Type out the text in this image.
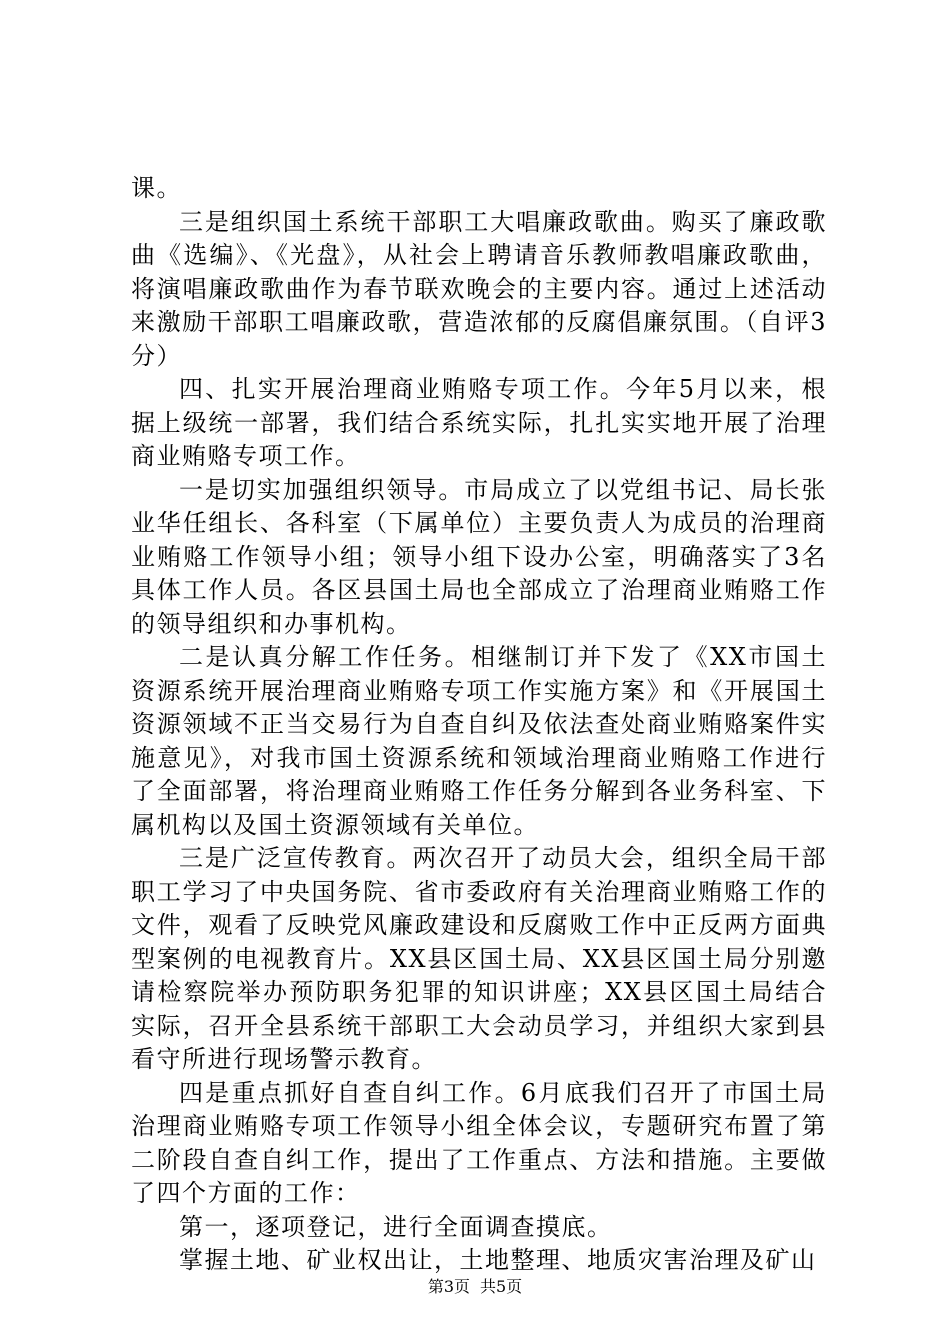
课。

三是组织国土系统干部职工大唱廉政歌曲。购买了廉政歌曲《选编》、《光盘》，从社会上聘请音乐教师教唱廉政歌曲，将演唱廉政歌曲作为春节联欢晚会的主要内容。通过上述活动来激励干部职工唱廉政歌，营造浓郁的反腐倡廉氛围。（自评3分）

四、扎实开展治理商业贿赂专项工作。今年5月以来，根据上级统一部署，我们结合系统实际，扎扎实实地开展了治理商业贿赂专项工作。

一是切实加强组织领导。市局成立了以党组书记、局长张业华任组长、各科室（下属单位）主要负责人为成员的治理商业贿赂工作领导小组；领导小组下设办公室，明确落实了3名具体工作人员。各区县国土局也全部成立了治理商业贿赂工作的领导组织和办事机构。

二是认真分解工作任务。相继制订并下发了《XX市国土资源系统开展治理商业贿赂专项工作实施方案》和《开展国土资源领域不正当交易行为自查自纠及依法查处商业贿赂案件实施意见》，对我市国土资源系统和领域治理商业贿赂工作进行了全面部署，将治理商业贿赂工作任务分解到各业务科室、下属机构以及国土资源领域有关单位。

三是广泛宣传教育。两次召开了动员大会，组织全局干部职工学习了中央国务院、省市委政府有关治理商业贿赂工作的文件，观看了反映党风廉政建设和反腐败工作中正反两方面典型案例的电视教育片。XX县区国土局、XX县区国土局分别邀请检察院举办预防职务犯罪的知识讲座；XX县区国土局结合实际，召开全县系统干部职工大会动员学习，并组织大家到县看守所进行现场警示教育。

四是重点抓好自查自纠工作。6月底我们召开了市国土局治理商业贿赂专项工作领导小组全体会议，专题研究布置了第二阶段自查自纠工作，提出了工作重点、方法和措施。主要做了四个方面的工作：

第一，逐项登记，进行全面调查摸底。

掌握土地、矿业权出让，土地整理、地质灾害治理及矿山

第3页 共5页
